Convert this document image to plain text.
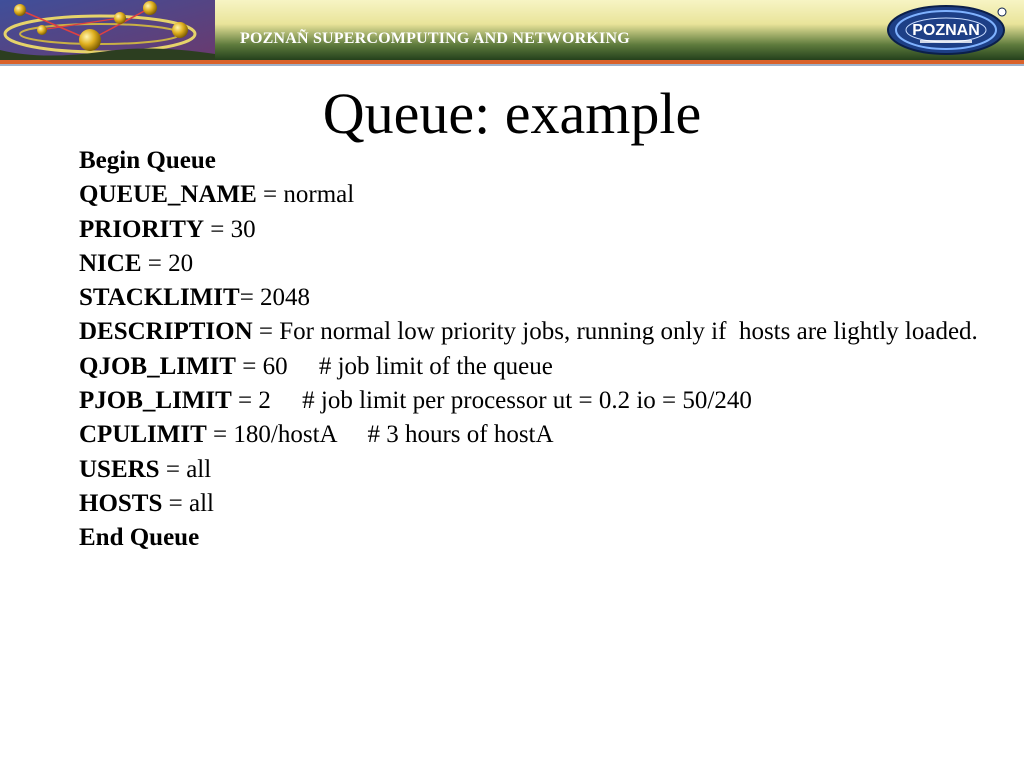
POZNAÑ SUPERCOMPUTING AND NETWORKING	POZNAN
Queue: example
Begin Queue
QUEUE_NAME = normal
PRIORITY = 30
NICE = 20
STACKLIMIT= 2048
DESCRIPTION = For normal low priority jobs, running only if  hosts are lightly loaded.
QJOB_LIMIT = 60     # job limit of the queue
PJOB_LIMIT = 2     # job limit per processor ut = 0.2 io = 50/240
CPULIMIT = 180/hostA     # 3 hours of hostA
USERS = all
HOSTS = all
End Queue
